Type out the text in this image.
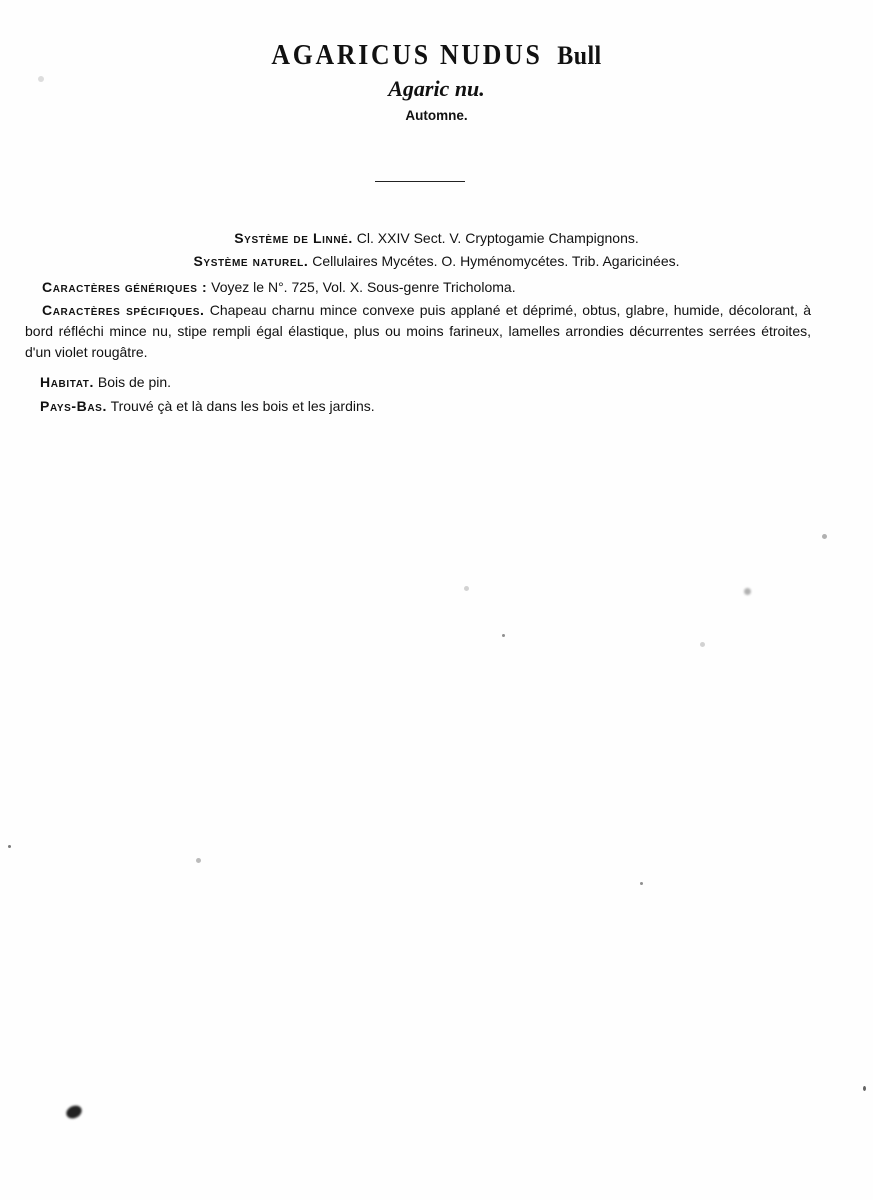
AGARICUS NUDUS Bull
Agaric nu.
Automne.
Système de Linné. Cl. XXIV Sect. V. Cryptogamie Champignons.
Système naturel. Cellulaires Mycétes. O. Hyménomycétes. Trib. Agaricinées.
Caractères génériques : Voyez le N°. 725, Vol. X. Sous-genre Tricholoma.
Caractères spécifiques. Chapeau charnu mince convexe puis applané et déprimé, obtus, glabre, humide, décolorant, à bord réfléchi mince nu, stipe rempli égal élastique, plus ou moins farineux, lamelles arrondies décurrentes serrées étroites, d'un violet rougâtre.
Habitat. Bois de pin.
Pays-Bas. Trouvé çà et là dans les bois et les jardins.
